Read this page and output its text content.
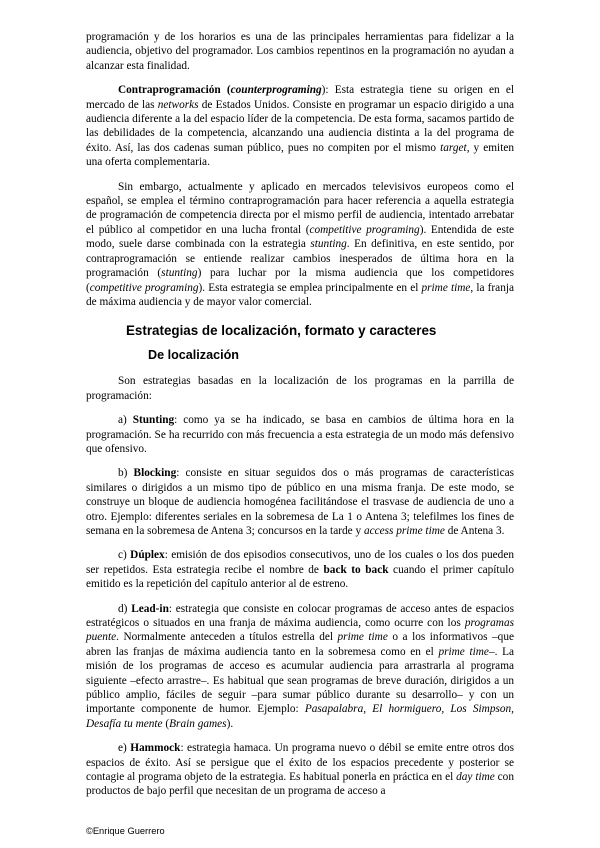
programación y de los horarios es una de las principales herramientas para fidelizar a la audiencia, objetivo del programador. Los cambios repentinos en la programación no ayudan a alcanzar esta finalidad.

Contraprogramación (counterprograming): Esta estrategia tiene su origen en el mercado de las networks de Estados Unidos. Consiste en programar un espacio dirigido a una audiencia diferente a la del espacio líder de la competencia. De esta forma, sacamos partido de las debilidades de la competencia, alcanzando una audiencia distinta a la del programa de éxito. Así, las dos cadenas suman público, pues no compiten por el mismo target, y emiten una oferta complementaria.

Sin embargo, actualmente y aplicado en mercados televisivos europeos como el español, se emplea el término contraprogramación para hacer referencia a aquella estrategia de programación de competencia directa por el mismo perfil de audiencia, intentado arrebatar el público al competidor en una lucha frontal (competitive programing). Entendida de este modo, suele darse combinada con la estrategia stunting. En definitiva, en este sentido, por contraprogramación se entiende realizar cambios inesperados de última hora en la programación (stunting) para luchar por la misma audiencia que los competidores (competitive programing). Esta estrategia se emplea principalmente en el prime time, la franja de máxima audiencia y de mayor valor comercial.

Estrategias de localización, formato y caracteres
De localización

Son estrategias basadas en la localización de los programas en la parrilla de programación:

a) Stunting: como ya se ha indicado, se basa en cambios de última hora en la programación. Se ha recurrido con más frecuencia a esta estrategia de un modo más defensivo que ofensivo.

b) Blocking: consiste en situar seguidos dos o más programas de características similares o dirigidos a un mismo tipo de público en una misma franja. De este modo, se construye un bloque de audiencia homogénea facilitándose el trasvase de audiencia de uno a otro. Ejemplo: diferentes seriales en la sobremesa de La 1 o Antena 3; telefilmes los fines de semana en la sobremesa de Antena 3; concursos en la tarde y access prime time de Antena 3.

c) Dúplex: emisión de dos episodios consecutivos, uno de los cuales o los dos pueden ser repetidos. Esta estrategia recibe el nombre de back to back cuando el primer capítulo emitido es la repetición del capítulo anterior al de estreno.

d) Lead-in: estrategia que consiste en colocar programas de acceso antes de espacios estratégicos o situados en una franja de máxima audiencia, como ocurre con los programas puente. Normalmente anteceden a títulos estrella del prime time o a los informativos –que abren las franjas de máxima audiencia tanto en la sobremesa como en el prime time–. La misión de los programas de acceso es acumular audiencia para arrastrarla al programa siguiente –efecto arrastre–. Es habitual que sean programas de breve duración, dirigidos a un público amplio, fáciles de seguir –para sumar público durante su desarrollo– y con un importante componente de humor. Ejemplo: Pasapalabra, El hormiguero, Los Simpson, Desafía tu mente (Brain games).

e) Hammock: estrategia hamaca. Un programa nuevo o débil se emite entre otros dos espacios de éxito. Así se persigue que el éxito de los espacios precedente y posterior se contagie al programa objeto de la estrategia. Es habitual ponerla en práctica en el day time con productos de bajo perfil que necesitan de un programa de acceso a

©Enrique Guerrero
